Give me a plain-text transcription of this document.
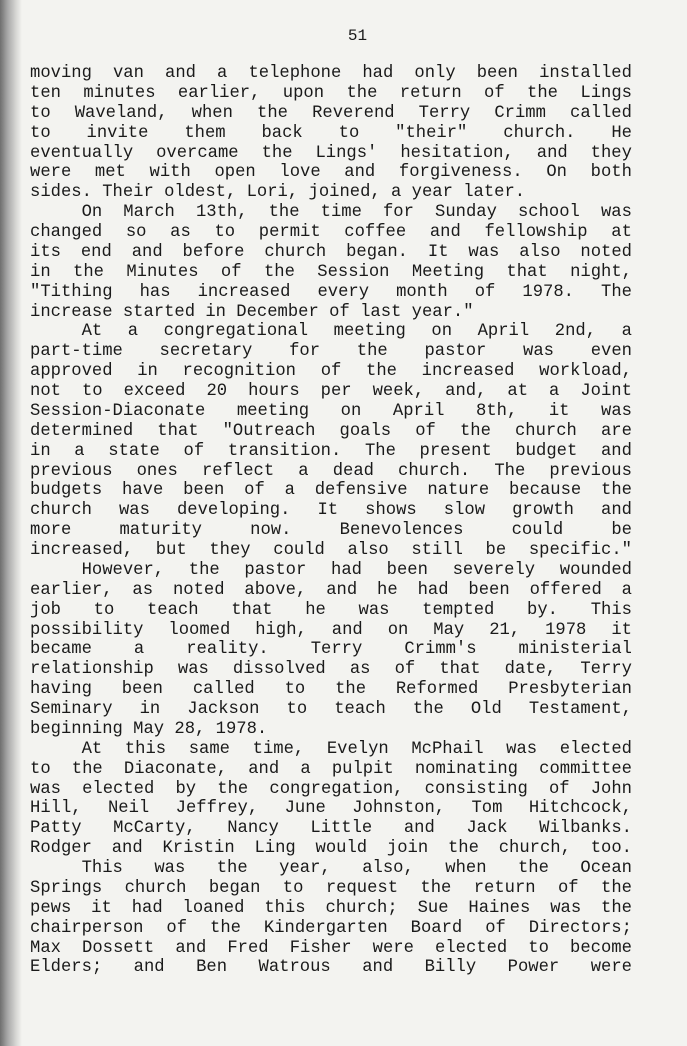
51
moving van and a telephone had only been installed
ten minutes earlier, upon the return of the Lings
to Waveland, when the Reverend Terry Crimm called
to invite them back to "their" church. He
eventually overcame the Lings' hesitation, and they
were met with open love and forgiveness. On both
sides. Their oldest, Lori, joined, a year later.

On March 13th, the time for Sunday school was
changed so as to permit coffee and fellowship at
its end and before church began. It was also noted
in the Minutes of the Session Meeting that night,
"Tithing has increased every month of 1978. The
increase started in December of last year."

At a congregational meeting on April 2nd, a
part-time secretary for the pastor was even
approved in recognition of the increased workload,
not to exceed 20 hours per week, and, at a Joint
Session-Diaconate meeting on April 8th, it was
determined that "Outreach goals of the church are
in a state of transition. The present budget and
previous ones reflect a dead church. The previous
budgets have been of a defensive nature because the
church was developing. It shows slow growth and
more	maturity	now.	Benevolences	could	be
increased, but they could also still be specific."

However, the pastor had been severely wounded
earlier, as noted above, and he had been offered a
job to teach that he was tempted by. This
possibility loomed high, and on May 21, 1978 it
became a reality. Terry Crimm's ministerial
relationship was dissolved as of that date, Terry
having been called to the Reformed Presbyterian
Seminary in Jackson to teach the Old Testament,
beginning May 28, 1978.

At this same time, Evelyn McPhail was elected
to the Diaconate, and a pulpit nominating committee
was elected by the congregation, consisting of John
Hill, Neil Jeffrey, June Johnston, Tom Hitchcock,
Patty McCarty, Nancy Little and Jack Wilbanks.
Rodger and Kristin Ling would join the church, too.

This was the year, also, when the Ocean
Springs church began to request the return of the
pews it had loaned this church; Sue Haines was the
chairperson of the Kindergarten Board of Directors;
Max Dossett and Fred Fisher were elected to become
Elders; and Ben Watrous and Billy Power were
